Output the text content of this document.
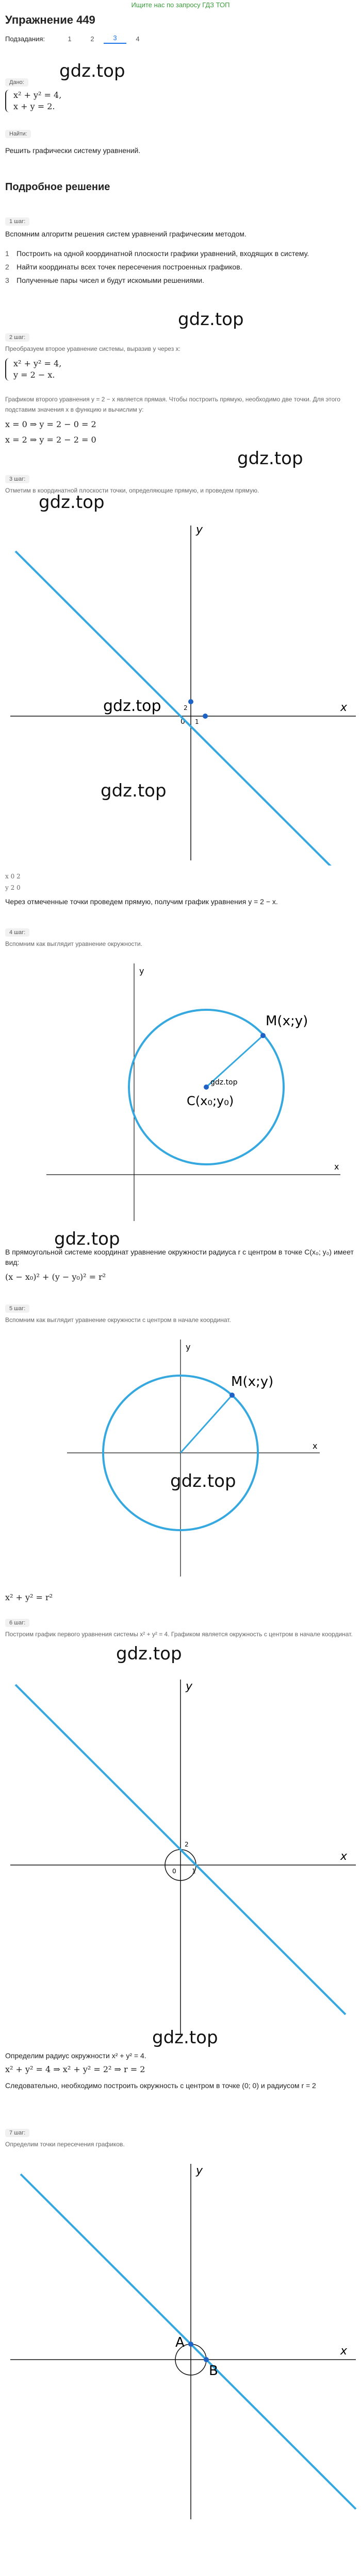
Ищите нас по запросу ГДЗ ТОП
Упражнение 449
Подзадания:	1	2	3	4
gdz.top
Дано:
x² + y² = 4,
x + y = 2.
Найти:
Решить графически систему уравнений.
Подробное решение
1 шаг:
Вспомним алгоритм решения систем уравнений графическим методом.
1	Построить на одной координатной плоскости графики уравнений, входящих в систему.
2	Найти координаты всех точек пересечения построенных графиков.
3	Полученные пары чисел и будут искомыми решениями.
gdz.top
2 шаг:
Преобразуем второе уравнение системы, выразив y через x:
x² + y² = 4,
y = 2 − x.
Графиком второго уравнения y = 2 − x является прямая. Чтобы построить прямую, необходимо две точки. Для этого подставим значения x в функцию и вычислим y:
x = 0 ⇒ y = 2 − 0 = 2
x = 2 ⇒ y = 2 − 2 = 0
gdz.top
3 шаг:
Отметим в координатной плоскости точки, определяющие прямую, и проведем прямую.
gdz.top
gdz.top
y
x
0 1
2
gdz.top
x 0 2
y 2 0
Через отмеченные точки проведем прямую, получим график уравнения y = 2 − x.
4 шаг:
Вспомним как выглядит уравнение окружности.
y
x
M(x;y)
C(x₀;y₀)
gdz.top
gdz.top
В прямоугольной системе координат уравнение окружности радиуса r с центром в точке C(x₀; y₀) имеет вид:
(x − x₀)² + (y − y₀)² = r²
5 шаг:
Вспомним как выглядит уравнение окружности с центром в начале координат.
y
x
M(x;y)
gdz.top
x² + y² = r²
6 шаг:
Построим график первого уравнения системы x² + y² = 4. Графиком является окружность с центром в начале координат.
gdz.top
y
x
0	1
2
gdz.top
Определим радиус окружности x² + y² = 4.
x² + y² = 4 ⇒ x² + y² = 2² ⇒ r = 2
Следовательно, необходимо построить окружность с центром в точке (0; 0) и радиусом r = 2
7 шаг:
Определим точки пересечения графиков.
y
x
A
B
